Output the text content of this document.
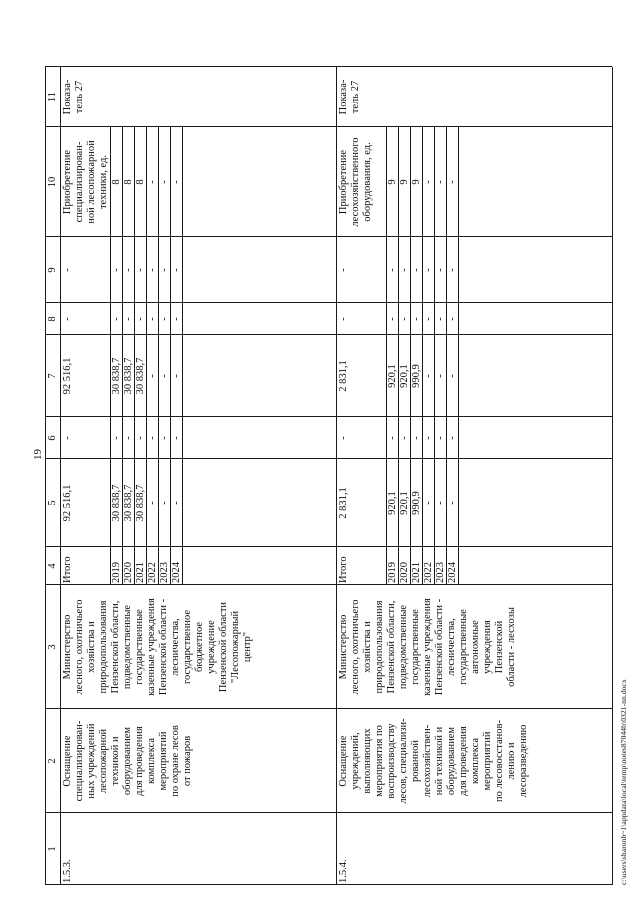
19
1
2
3
4
5
6
7
8
9
10
11
1.5.3.
Оснащение специализирован- ных учреждений лесопожарной техникой и оборудованием для проведения комплекса мероприятий по охране лесов от пожаров
Министерство лесного, охотничьего хозяйства и природопользования Пензенской области, подведомственные государственные казенные учреждения Пензенской области - лесничества, государственное бюджетное учреждение Пензенской области "Лесопожарный центр"
Итого
92 516,1
-
92 516,1
-
-
Приобретение специализирован- ной лесопожарной техники, ед.
Показа- тель 27
2019
30 838,7
-
30 838,7
-
-
8
2020
30 838,7
-
30 838,7
-
-
8
2021
30 838,7
-
30 838,7
-
-
8
2022
-
-
-
-
-
-
2023
-
-
-
-
-
-
2024
-
-
-
-
-
-
1.5.4.
Оснащение учреждений, выполняющих мероприятия по воспроизводству лесов, специализи- рованной лесохозяйствен- ной техникой и оборудованием для проведения комплекса мероприятий по лесовосстанов- лению и лесоразведению
Министерство лесного, охотничьего хозяйства и природопользования Пензенской области, подведомственные государственные казенные учреждения Пензенской области - лесничества, государственные автономные учреждения Пензенской области - лесхозы
Итого
2 831,1
-
2 831,1
-
-
Приобретение лесохозяйственного оборудования, ед.
Показа- тель 27
2019
920,1
-
920,1
-
-
9
2020
920,1
-
920,1
-
-
9
2021
990,9
-
990,9
-
-
9
2022
-
-
-
-
-
-
2023
-
-
-
-
-
-
2024
-
-
-
-
-
-
c:\users\sharonb~1\appdata\local\temp\notes87044b\0321-nn.docx
